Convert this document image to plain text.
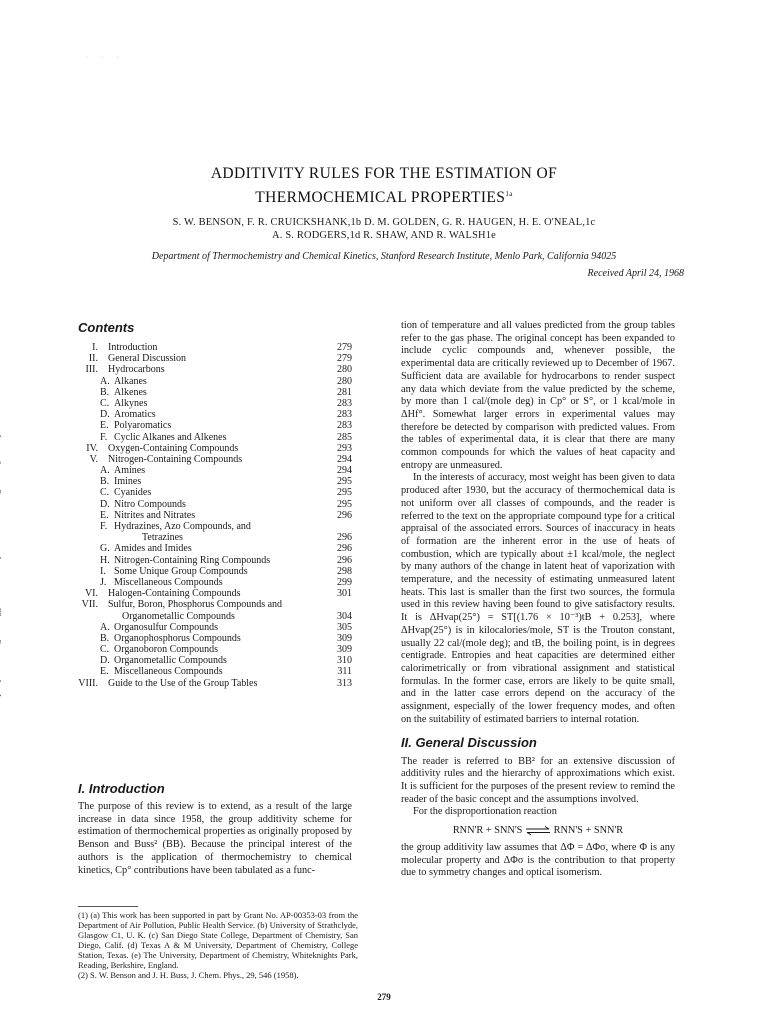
· · ·
ADDITIVITY RULES FOR THE ESTIMATION OF
THERMOCHEMICAL $PROPERTIES^{1a}$
S. W. BENSON, F. R. CRUICKSHANK,1b D. M. GOLDEN, G. R. HAUGEN, H. E. O'NEAL,1c
A. S. RODGERS,1d R. SHAW, AND R. WALSH1e
Department of Thermochemistry and Chemical Kinetics, Stanford Research Institute, Menlo Park, California 94025
Received April 24, 1968
Contents
I. Introduction	279
II. General Discussion	279
III. Hydrocarbons	280
A. Alkanes	280
B. Alkenes	281
C. Alkynes	283
D. Aromatics	283
E. Polyaromatics	283
F. Cyclic Alkanes and Alkenes	285
IV. Oxygen-Containing Compounds	293
V. Nitrogen-Containing Compounds	294
A. Amines	294
B. Imines	295
C. Cyanides	295
D. Nitro Compounds	295
E. Nitrites and Nitrates	296
F. Hydrazines, Azo Compounds, and
Tetrazines	296
G. Amides and Imides	296
H. Nitrogen-Containing Ring Compounds	296
I. Some Unique Group Compounds	298
J. Miscellaneous Compounds	299
VI. Halogen-Containing Compounds	301
VII. Sulfur, Boron, Phosphorus Compounds and
Organometallic Compounds	304
A. Organosulfur Compounds	305
B. Organophosphorus Compounds	309
C. Organoboron Compounds	309
D. Organometallic Compounds	310
E. Miscellaneous Compounds	311
VIII. Guide to the Use of the Group Tables	313
I. Introduction

The purpose of this review is to extend, as a result of the large increase in data since 1958, the group additivity scheme for estimation of thermochemical properties as originally proposed by Benson and Buss² (BB). Because the principal interest of the authors is the application of thermochemistry to chemical kinetics, Cp° contributions have been tabulated as a func-

(1) (a) This work has been supported in part by Grant No. AP-00353-03 from the Department of Air Pollution, Public Health Service. (b) University of Strathclyde, Glasgow C1, U. K. (c) San Diego State College, Department of Chemistry, San Diego, Calif. (d) Texas A & M University, Department of Chemistry, College Station, Texas. (e) The University, Department of Chemistry, Whiteknights Park, Reading, Berkshire, England.
(2) S. W. Benson and J. H. Buss, J. Chem. Phys., 29, 546 (1958).

tion of temperature and all values predicted from the group tables refer to the gas phase. The original concept has been expanded to include cyclic compounds and, whenever possible, the experimental data are critically reviewed up to December of 1967. Sufficient data are available for hydrocarbons to render suspect any data which deviate from the value predicted by the scheme, by more than 1 cal/(mole deg) in Cp° or S°, or 1 kcal/mole in ΔHf°. Somewhat larger errors in experimental values may therefore be detected by comparison with predicted values. From the tables of experimental data, it is clear that there are many common compounds for which the values of heat capacity and entropy are unmeasured.

In the interests of accuracy, most weight has been given to data produced after 1930, but the accuracy of thermochemical data is not uniform over all classes of compounds, and the reader is referred to the text on the appropriate compound type for a critical appraisal of the associated errors. Sources of inaccuracy in heats of formation are the inherent error in the use of heats of combustion, which are typically about ±1 kcal/mole, the neglect by many authors of the change in latent heat of vaporization with temperature, and the necessity of estimating unmeasured latent heats. This last is smaller than the first two sources, the formula used in this review having been found to give satisfactory results. It is ΔHvap(25°) = ST[(1.76 × 10⁻³)tB + 0.253], where ΔHvap(25°) is in kilocalories/mole, ST is the Trouton constant, usually 22 cal/(mole deg); and tB, the boiling point, is in degrees centigrade. Entropies and heat capacities are determined either calorimetrically or from vibrational assignment and statistical formulas. In the former case, errors are likely to be quite small, and in the latter case errors depend on the accuracy of the assignment, especially of the lower frequency modes, and often on the suitability of estimated barriers to internal rotation.

II. General Discussion

The reader is referred to BB² for an extensive discussion of additivity rules and the hierarchy of approximations which exist. It is sufficient for the purposes of the present review to remind the reader of the basic concept and the assumptions involved.

For the disproportionation reaction

RNN'R + SNN'S ⇌ RNN'S + SNN'R

the group additivity law assumes that ΔΦ = ΔΦσ, where Φ is any molecular property and ΔΦσ is the contribution to that property due to symmetry changes and optical isomerism.

279
